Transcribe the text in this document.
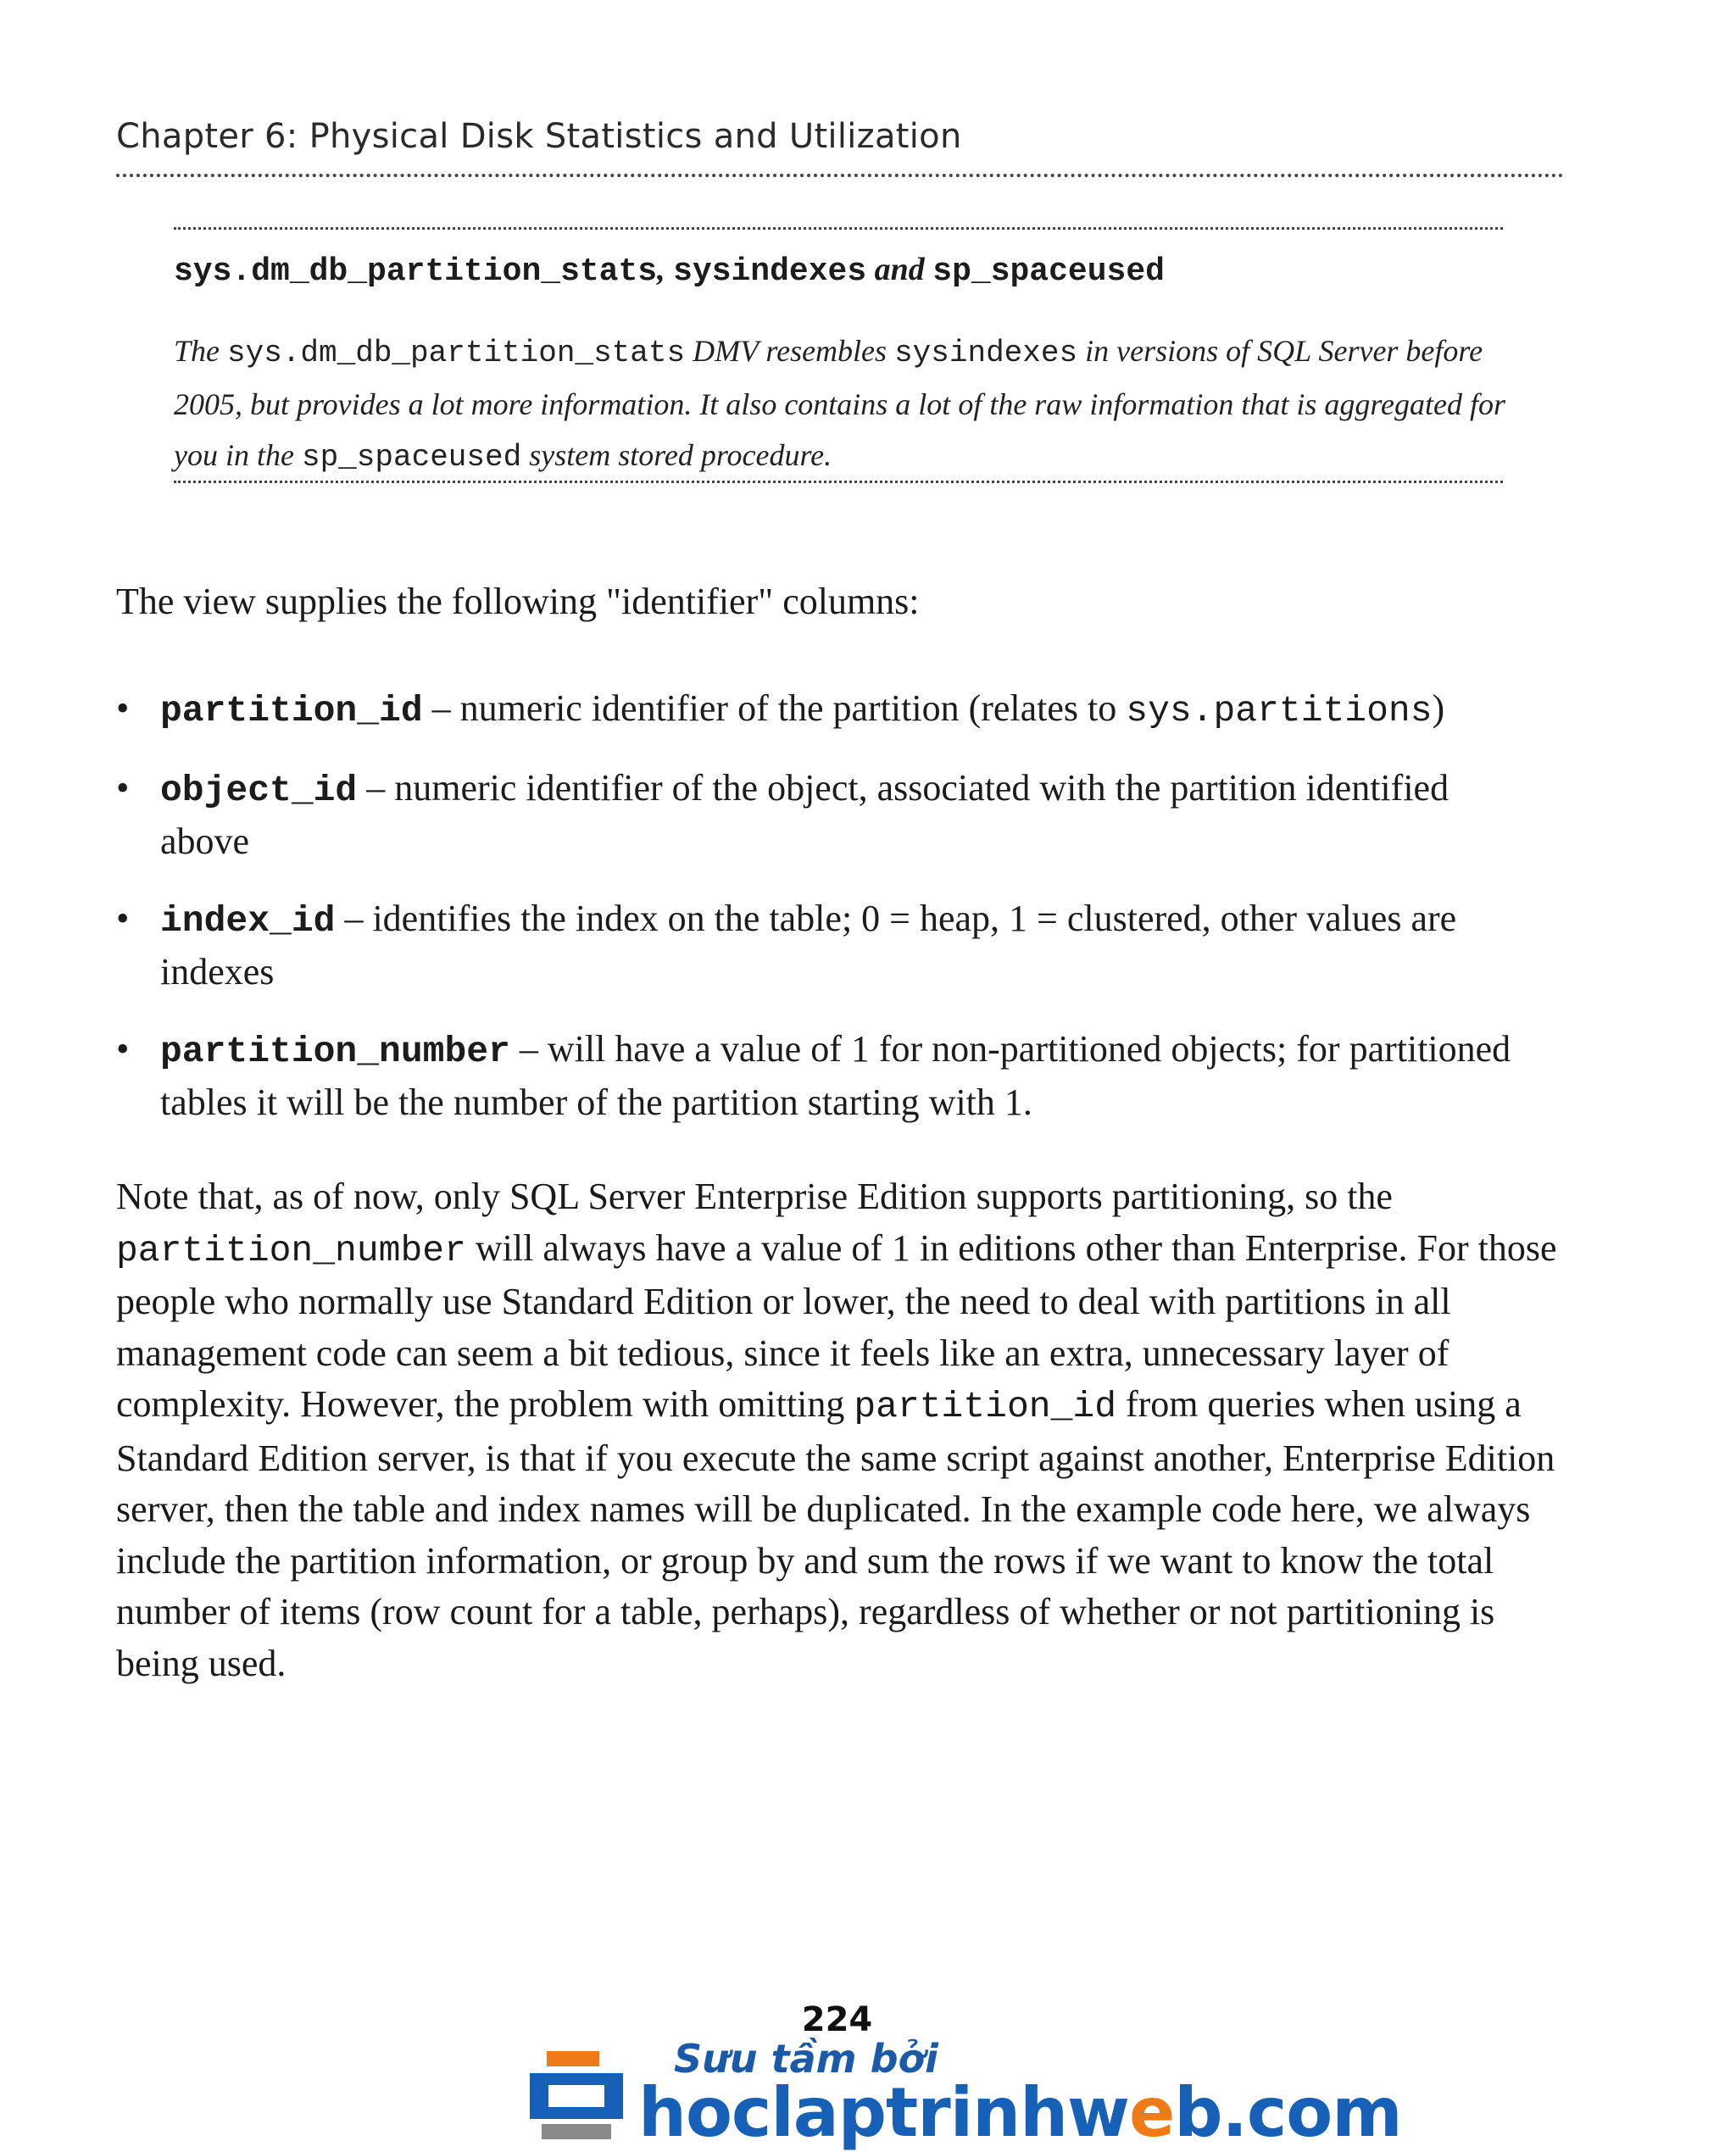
Chapter 6: Physical Disk Statistics and Utilization
sys.dm_db_partition_stats, sysindexes and sp_spaceused
The sys.dm_db_partition_stats DMV resembles sysindexes in versions of SQL Server before 2005, but provides a lot more information. It also contains a lot of the raw information that is aggregated for you in the sp_spaceused system stored procedure.
The view supplies the following "identifier" columns:
• partition_id – numeric identifier of the partition (relates to sys.partitions)
• object_id – numeric identifier of the object, associated with the partition identified above
• index_id – identifies the index on the table; 0 = heap, 1 = clustered, other values are indexes
• partition_number – will have a value of 1 for non-partitioned objects; for partitioned tables it will be the number of the partition starting with 1.
Note that, as of now, only SQL Server Enterprise Edition supports partitioning, so the partition_number will always have a value of 1 in editions other than Enterprise. For those people who normally use Standard Edition or lower, the need to deal with partitions in all management code can seem a bit tedious, since it feels like an extra, unnecessary layer of complexity. However, the problem with omitting partition_id from queries when using a Standard Edition server, is that if you execute the same script against another, Enterprise Edition server, then the table and index names will be duplicated. In the example code here, we always include the partition information, or group by and sum the rows if we want to know the total number of items (row count for a table, perhaps), regardless of whether or not partitioning is being used.
224
Sưu tầm bởi
hoclaptrinhweb.com
